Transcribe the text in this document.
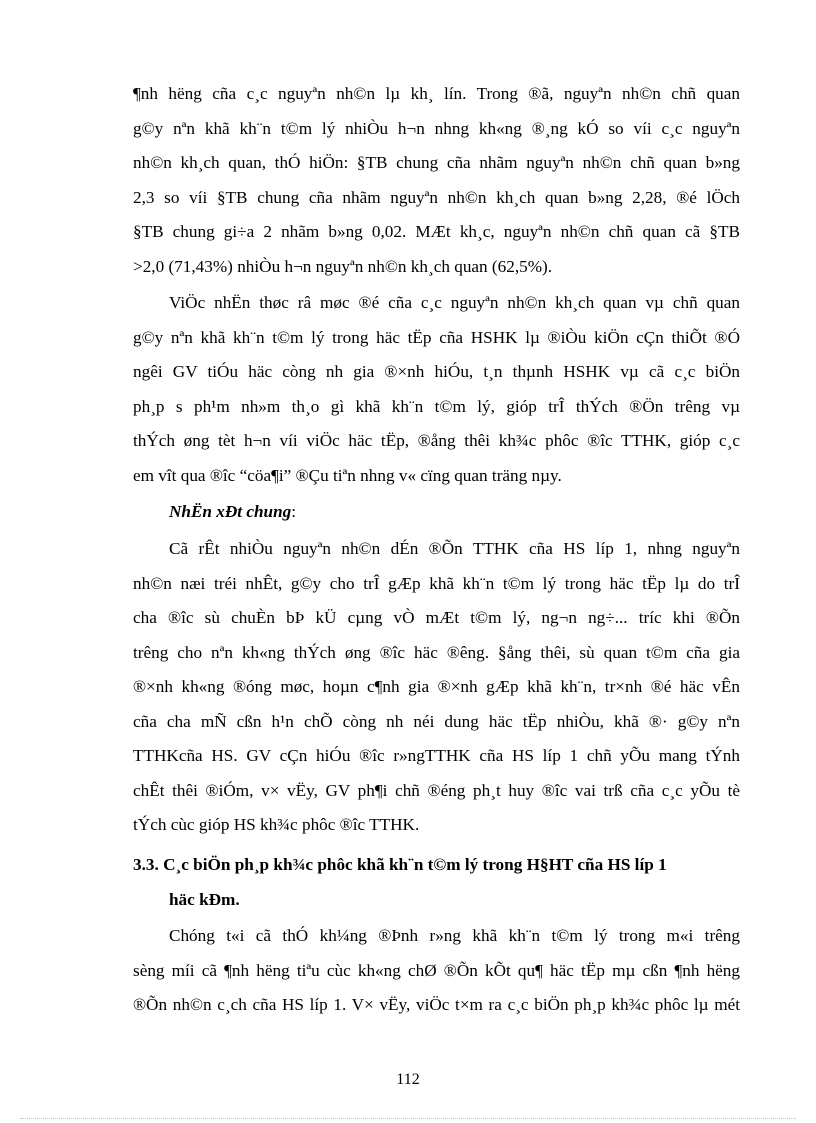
¶nh hëng cña c¸c nguyªn nh©n lµ kh¸ lín. Trong ®ã, nguyªn nh©n chñ quan
g©y nªn khã kh¨n t©m lý nhiÒu h¬n nhng kh«ng ®¸ng kÓ so víi c¸c nguyªn
nh©n kh¸ch quan, thÓ hiÖn: §TB chung cña nhãm nguyªn nh©n chñ quan b»ng
2,3 so víi §TB chung cña nhãm nguyªn nh©n kh¸ch quan b»ng 2,28, ®é lÖch
§TB chung gi÷a 2 nhãm b»ng 0,02. MÆt kh¸c, nguyªn nh©n chñ quan cã §TB
>2,0 (71,43%) nhiÒu h¬n nguyªn nh©n kh¸ch quan (62,5%).
ViÖc nhËn thøc râ møc ®é cña c¸c nguyªn nh©n kh¸ch quan vµ chñ quan
g©y nªn khã kh¨n t©m lý trong häc tËp cña HSHK lµ ®iÒu kiÖn cÇn thiÕt ®Ó
ngêi GV tiÓu häc còng nh gia ®×nh hiÓu, t¸n thµnh HSHK vµ cã c¸c biÖn
ph¸p s ph¹m nh»m th¸o gì khã kh¨n t©m lý, gióp trÎ thÝch ®Ön trêng vµ
thÝch øng tèt h¬n víi viÖc häc tËp, ®ång thêi kh¾c phôc ®îc TTHK, gióp c¸c
em vît qua ®îc “cöa¶i” ®Çu tiªn nhng v« cïng quan träng nµy.
NhËn xÐt chung:
Cã rÊt nhiÒu nguyªn nh©n dÉn ®Õn TTHK cña HS líp 1, nhng nguyªn
nh©n næi tréi nhÊt, g©y cho trÎ gÆp khã kh¨n t©m lý trong häc tËp lµ do trÎ
cha ®îc sù chuÈn bÞ kÜ cµng vÒ mÆt t©m lý, ng¬n ng÷... tríc khi ®Õn
trêng cho nªn kh«ng thÝch øng ®îc häc ®êng. §ång thêi, sù quan t©m cña gia
®×nh kh«ng ®óng møc, hoµn c¶nh gia ®×nh gÆp khã kh¨n, tr×nh ®é häc vÊn
cña cha mÑ cßn h¹n chÕ còng nh néi dung häc tËp nhiÒu, khã ®· g©y nªn
TTHKcña HS. GV cÇn hiÓu ®îc r»ngTTHK cña HS líp 1 chñ yÕu mang tÝnh
chÊt thêi ®iÓm, v× vËy, GV ph¶i chñ ®éng ph¸t huy ®îc vai trß cña c¸c yÕu tè
tÝch cùc gióp HS kh¾c phôc ®îc TTHK.
3.3. C¸c biÖn ph¸p kh¾c phôc khã kh¨n t©m lý trong H§HT cña HS líp 1
häc kÐm.
Chóng t«i cã thÓ kh¼ng ®Þnh r»ng khã kh¨n t©m lý trong m«i trêng
sèng míi cã ¶nh hëng tiªu cùc kh«ng chØ ®Õn kÕt qu¶ häc tËp mµ cßn ¶nh hëng
®Õn nh©n c¸ch cña HS líp 1. V× vËy, viÖc t×m ra c¸c biÖn ph¸p kh¾c phôc lµ mét
112
